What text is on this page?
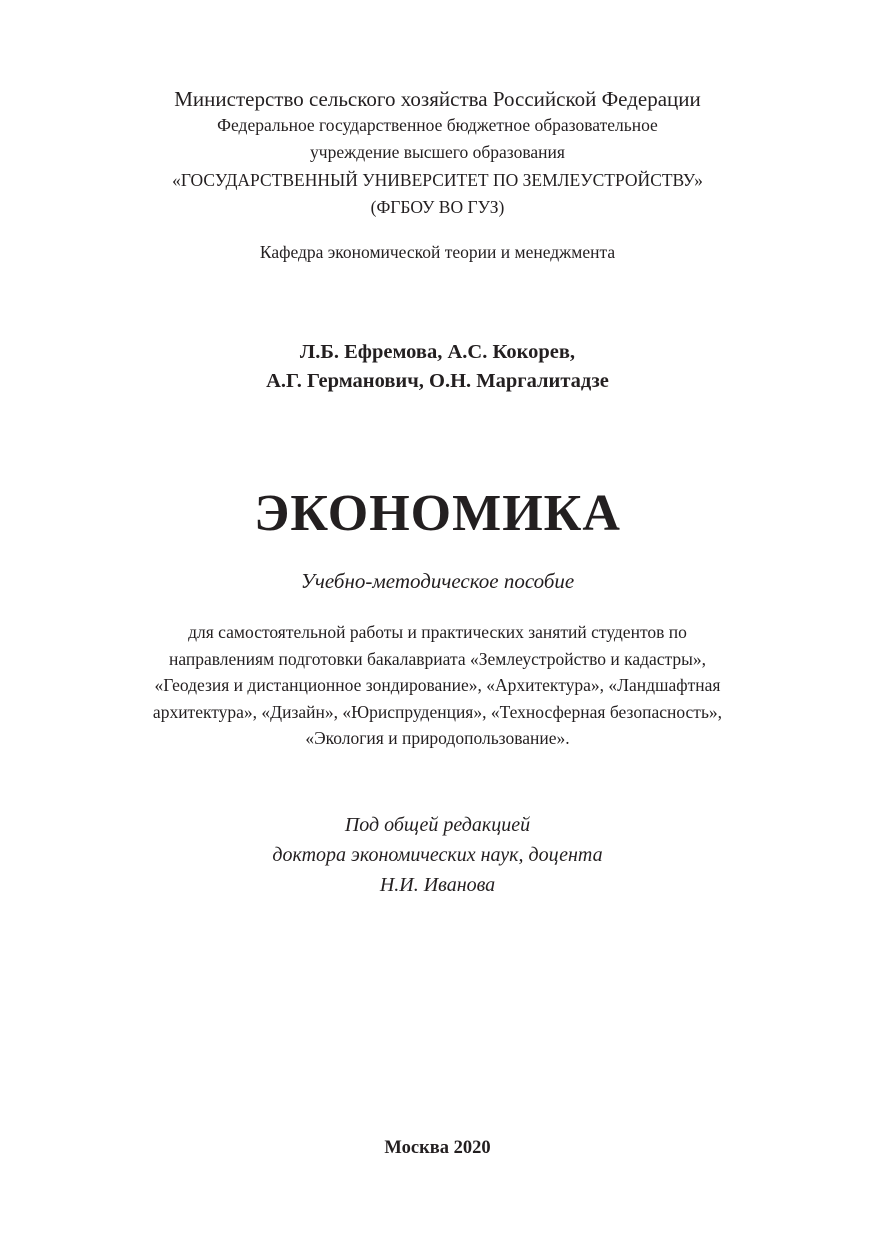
Министерство сельского хозяйства Российской Федерации
Федеральное государственное бюджетное образовательное
учреждение высшего образования
«ГОСУДАРСТВЕННЫЙ УНИВЕРСИТЕТ ПО ЗЕМЛЕУСТРОЙСТВУ»
(ФГБОУ ВО ГУЗ)
Кафедра экономической теории и менеджмента
Л.Б. Ефремова, А.С. Кокорев,
А.Г. Германович, О.Н. Маргалитадзе
ЭКОНОМИКА
Учебно-методическое пособие
для самостоятельной работы и практических занятий студентов по
направлениям подготовки бакалавриата «Землеустройство и кадастры»,
«Геодезия и дистанционное зондирование», «Архитектура», «Ландшафтная
архитектура», «Дизайн», «Юриспруденция», «Техносферная безопасность»,
«Экология и природопользование».
Под общей редакцией
доктора экономических наук, доцента
Н.И. Иванова
Москва 2020
